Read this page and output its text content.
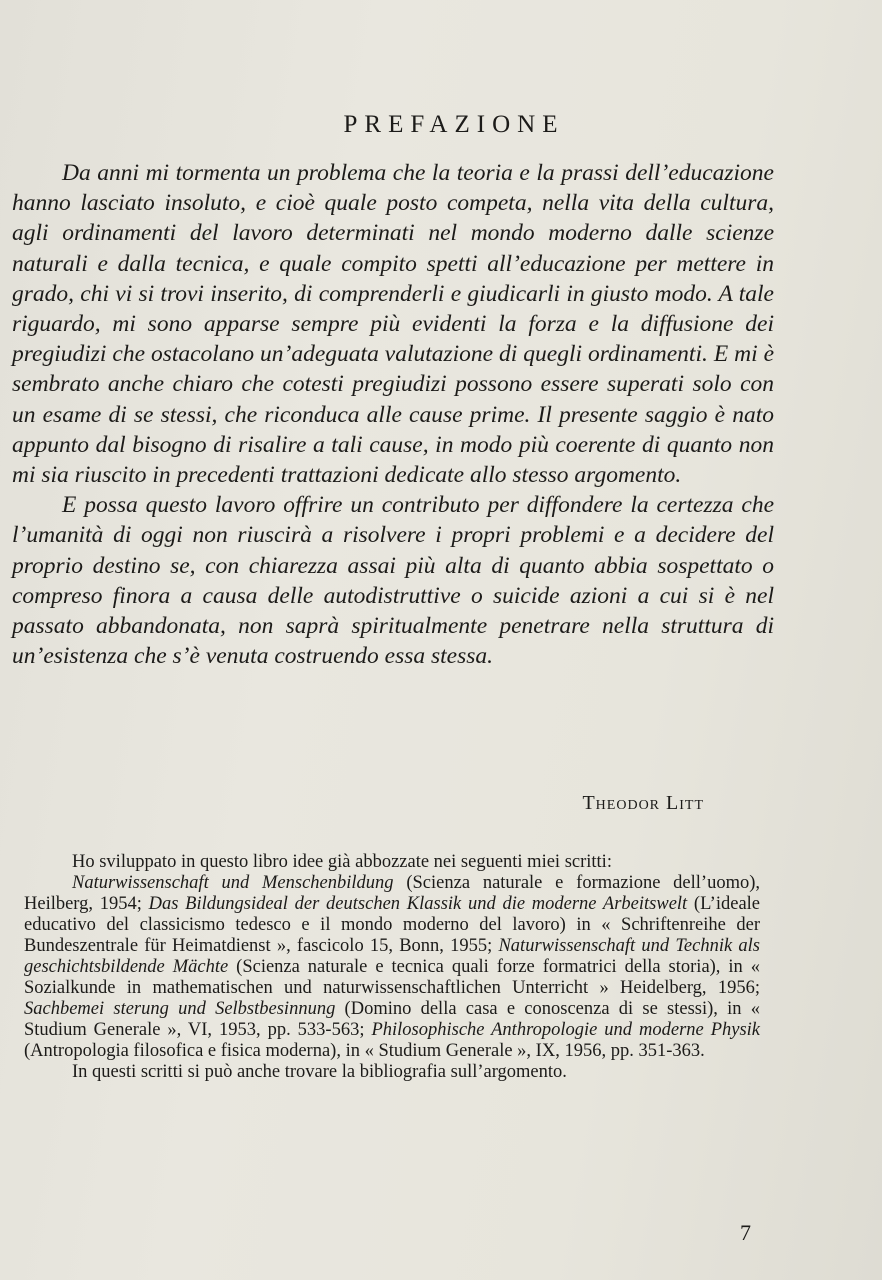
PREFAZIONE

Da anni mi tormenta un problema che la teoria e la prassi dell’educazione hanno lasciato insoluto, e cioè quale posto competa, nella vita della cultura, agli ordinamenti del lavoro determinati nel mondo moderno dalle scienze naturali e dalla tecnica, e quale compito spetti all’educazione per mettere in grado, chi vi si trovi inserito, di comprenderli e giudicarli in giusto modo. A tale riguardo, mi sono apparse sempre più evidenti la forza e la diffusione dei pregiudizi che ostacolano un’adeguata valutazione di quegli ordinamenti. E mi è sembrato anche chiaro che cotesti pregiudizi possono essere superati solo con un esame di se stessi, che riconduca alle cause prime. Il presente saggio è nato appunto dal bisogno di risalire a tali cause, in modo più coerente di quanto non mi sia riuscito in precedenti trattazioni dedicate allo stesso argomento.

E possa questo lavoro offrire un contributo per diffondere la certezza che l’umanità di oggi non riuscirà a risolvere i propri problemi e a decidere del proprio destino se, con chiarezza assai più alta di quanto abbia sospettato o compreso finora a causa delle autodistruttive o suicide azioni a cui si è nel passato abbandonata, non saprà spiritualmente penetrare nella struttura di un’esistenza che s’è venuta costruendo essa stessa.

Theodor Litt

Ho sviluppato in questo libro idee già abbozzate nei seguenti miei scritti:

Naturwissenschaft und Menschenbildung (Scienza naturale e formazione dell’uomo), Heilberg, 1954; Das Bildungsideal der deutschen Klassik und die moderne Arbeitswelt (L’ideale educativo del classicismo tedesco e il mondo moderno del lavoro) in « Schriftenreihe der Bundeszentrale für Heimatdienst », fascicolo 15, Bonn, 1955; Naturwissenschaft und Technik als geschichtsbildende Mächte (Scienza naturale e tecnica quali forze formatrici della storia), in « Sozialkunde in mathematischen und naturwissenschaftlichen Unterricht » Heidelberg, 1956; Sachbemei sterung und Selbstbesinnung (Domino della casa e conoscenza di se stessi), in « Studium Generale », VI, 1953, pp. 533-563; Philosophische Anthropologie und moderne Physik (Antropologia filosofica e fisica moderna), in « Studium Generale », IX, 1956, pp. 351-363.

In questi scritti si può anche trovare la bibliografia sull’argomento.

7
